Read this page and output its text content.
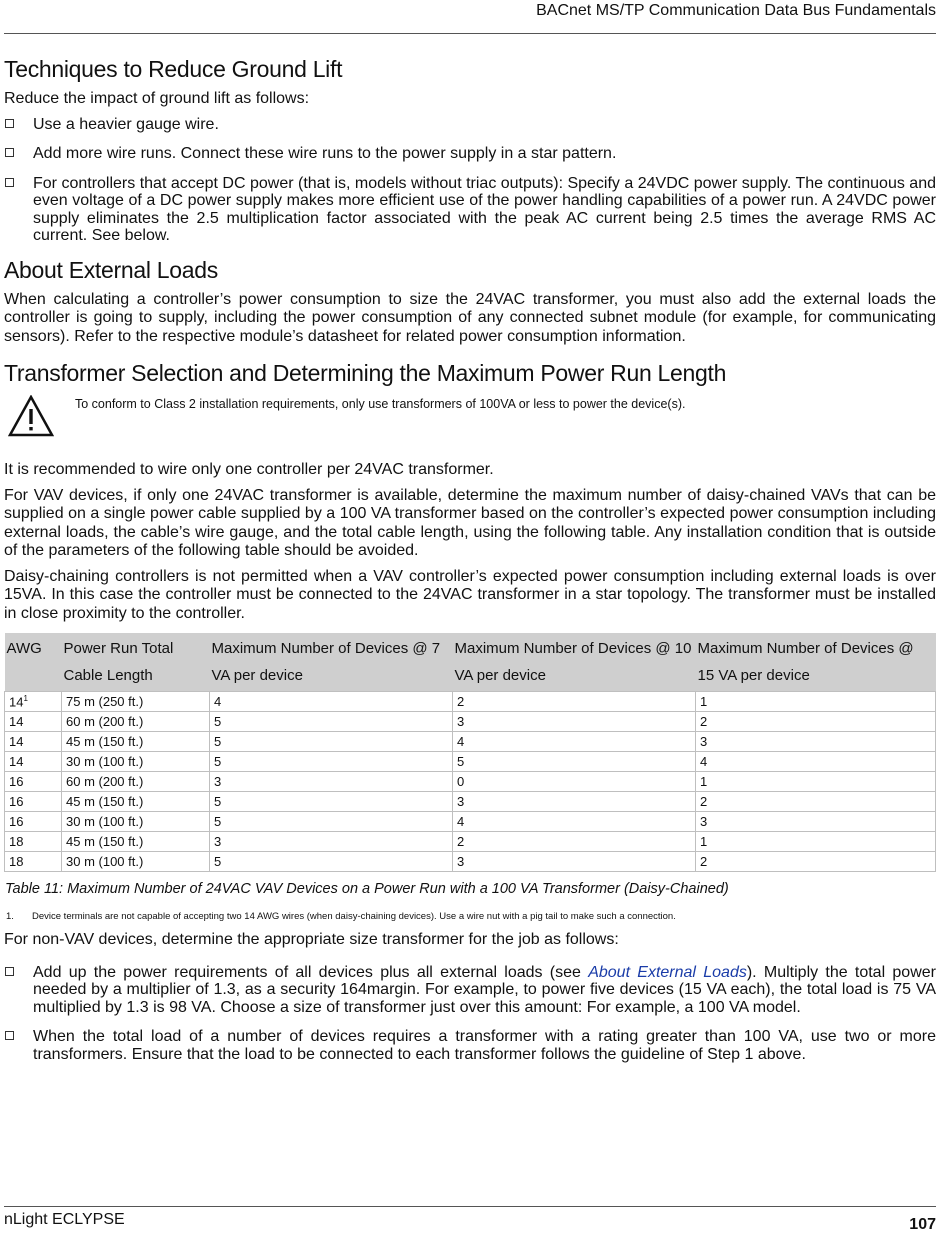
BACnet MS/TP Communication Data Bus Fundamentals
Techniques to Reduce Ground Lift

Reduce the impact of ground lift as follows:

Use a heavier gauge wire.
Add more wire runs. Connect these wire runs to the power supply in a star pattern.
For controllers that accept DC power (that is, models without triac outputs): Specify a 24VDC power supply. The continuous and even voltage of a DC power supply makes more efficient use of the power handling capabilities of a power run. A 24VDC power supply eliminates the 2.5 multiplication factor associated with the peak AC current being 2.5 times the average RMS AC current. See below.
About External Loads

When calculating a controller’s power consumption to size the 24VAC transformer, you must also add the external loads the controller is going to supply, including the power consumption of any connected subnet module (for example, for communicating sensors). Refer to the respective module’s datasheet for related power consumption information.

Transformer Selection and Determining the Maximum Power Run Length
To conform to Class 2 installation requirements, only use transformers of 100VA or less to power the device(s).

It is recommended to wire only one controller per 24VAC transformer.

For VAV devices, if only one 24VAC transformer is available, determine the maximum number of daisy-chained VAVs that can be supplied on a single power cable supplied by a 100 VA transformer based on the controller’s expected power consumption including external loads, the cable’s wire gauge, and the total cable length, using the following table. Any installation condition that is outside of the parameters of the following table should be avoided.

Daisy-chaining controllers is not permitted when a VAV controller’s expected power consumption including external loads is over 15VA. In this case the controller must be connected to the 24VAC transformer in a star topology. The transformer must be installed in close proximity to the controller.

AWG	Power Run Total Cable Length	Maximum Number of Devices @ 7 VA per device	Maximum Number of Devices @ 10 VA per device	Maximum Number of Devices @ 15 VA per device
$14^1$	75 m (250 ft.)	4	2	1
14	60 m (200 ft.)	5	3	2
14	45 m (150 ft.)	5	4	3
14	30 m (100 ft.)	5	5	4
16	60 m (200 ft.)	3	0	1
16	45 m (150 ft.)	5	3	2
16	30 m (100 ft.)	5	4	3
18	45 m (150 ft.)	3	2	1
18	30 m (100 ft.)	5	3	2
Table 11: Maximum Number of 24VAC VAV Devices on a Power Run with a 100 VA Transformer (Daisy-Chained)
1. Device terminals are not capable of accepting two 14 AWG wires (when daisy-chaining devices). Use a wire nut with a pig tail to make such a connection.

For non-VAV devices, determine the appropriate size transformer for the job as follows:

Add up the power requirements of all devices plus all external loads (see About External Loads). Multiply the total power needed by a multiplier of 1.3, as a security 164margin. For example, to power five devices (15 VA each), the total load is 75 VA multiplied by 1.3 is 98 VA. Choose a size of transformer just over this amount: For example, a 100 VA model.
When the total load of a number of devices requires a transformer with a rating greater than 100 VA, use two or more transformers. Ensure that the load to be connected to each transformer follows the guideline of Step 1 above.
nLight ECLYPSE	107
